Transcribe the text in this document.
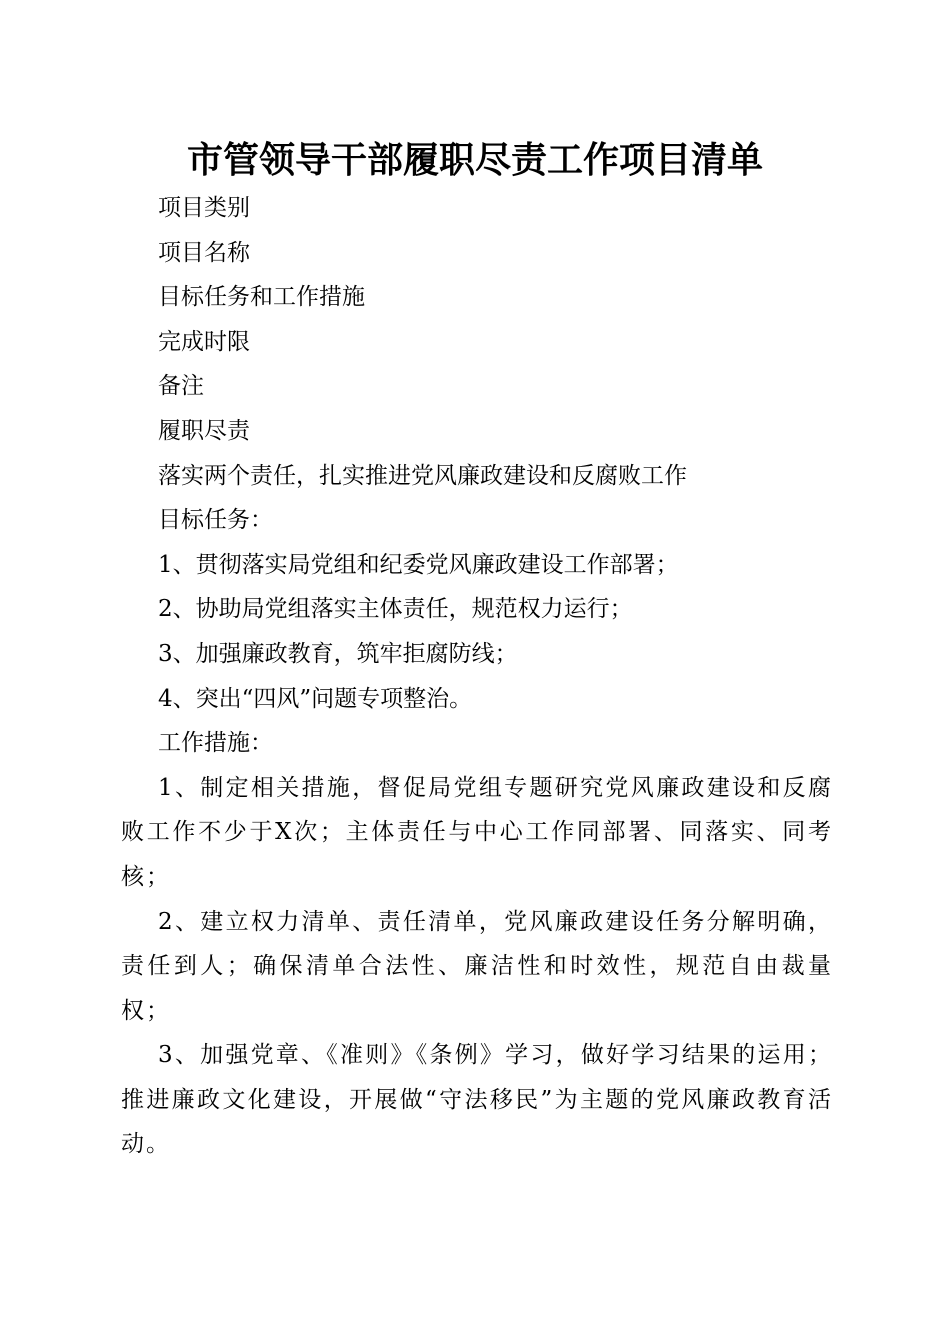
市管领导干部履职尽责工作项目清单

项目类别

项目名称

目标任务和工作措施

完成时限

备注

履职尽责

落实两个责任，扎实推进党风廉政建设和反腐败工作

目标任务：

1、贯彻落实局党组和纪委党风廉政建设工作部署；

2、协助局党组落实主体责任，规范权力运行；

3、加强廉政教育，筑牢拒腐防线；

4、突出“四风”问题专项整治。

工作措施：

1、制定相关措施，督促局党组专题研究党风廉政建设和反腐败工作不少于X次；主体责任与中心工作同部署、同落实、同考核；

2、建立权力清单、责任清单，党风廉政建设任务分解明确，责任到人；确保清单合法性、廉洁性和时效性，规范自由裁量权；

3、加强党章、《准则》《条例》学习，做好学习结果的运用；推进廉政文化建设，开展做“守法移民”为主题的党风廉政教育活动。
